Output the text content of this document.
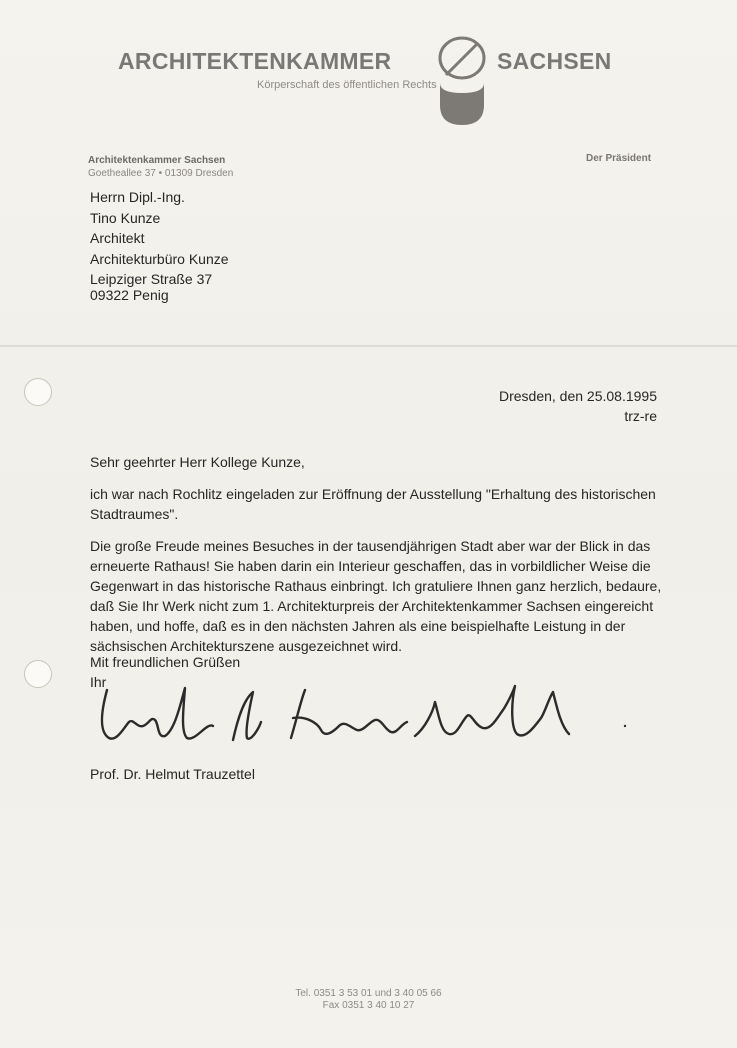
ARCHITEKTENKAMMER	SACHSEN
Körperschaft des öffentlichen Rechts
Architektenkammer Sachsen
Goetheallee 37 • 01309 Dresden
Der Präsident
Herrn Dipl.-Ing.
Tino Kunze
Architekt
Architekturbüro Kunze
Leipziger Straße 37
09322 Penig
Dresden, den 25.08.1995
trz-re
Sehr geehrter Herr Kollege Kunze,
ich war nach Rochlitz eingeladen zur Eröffnung der Ausstellung "Erhaltung des historischen Stadtraumes".
Die große Freude meines Besuches in der tausendjährigen Stadt aber war der Blick in das erneuerte Rathaus! Sie haben darin ein Interieur geschaffen, das in vorbildlicher Weise die Gegenwart in das historische Rathaus einbringt. Ich gratuliere Ihnen ganz herzlich, bedaure, daß Sie Ihr Werk nicht zum 1. Architekturpreis der Architektenkammer Sachsen eingereicht haben, und hoffe, daß es in den nächsten Jahren als eine beispielhafte Leistung in der sächsischen Architekturszene ausgezeichnet wird.
Mit freundlichen Grüßen
Ihr
Prof. Dr. Helmut Trauzettel
Tel. 0351 3 53 01 und 3 40 05 66
Fax 0351 3 40 10 27
